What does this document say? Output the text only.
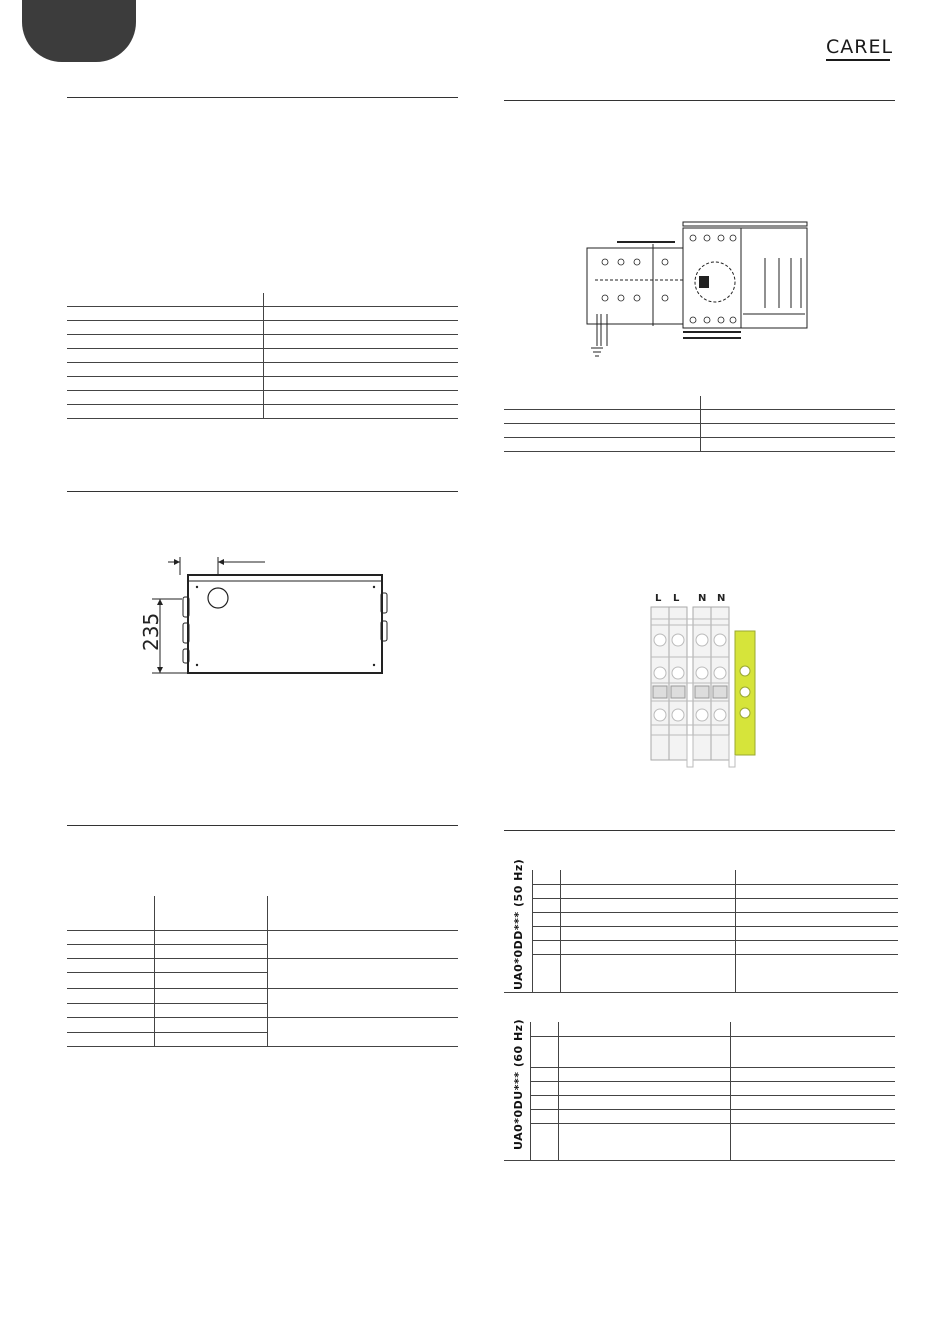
CAREL
235
L L N N
UA0*0DD*** (50 Hz)
UA0*0DU*** (60 Hz)
